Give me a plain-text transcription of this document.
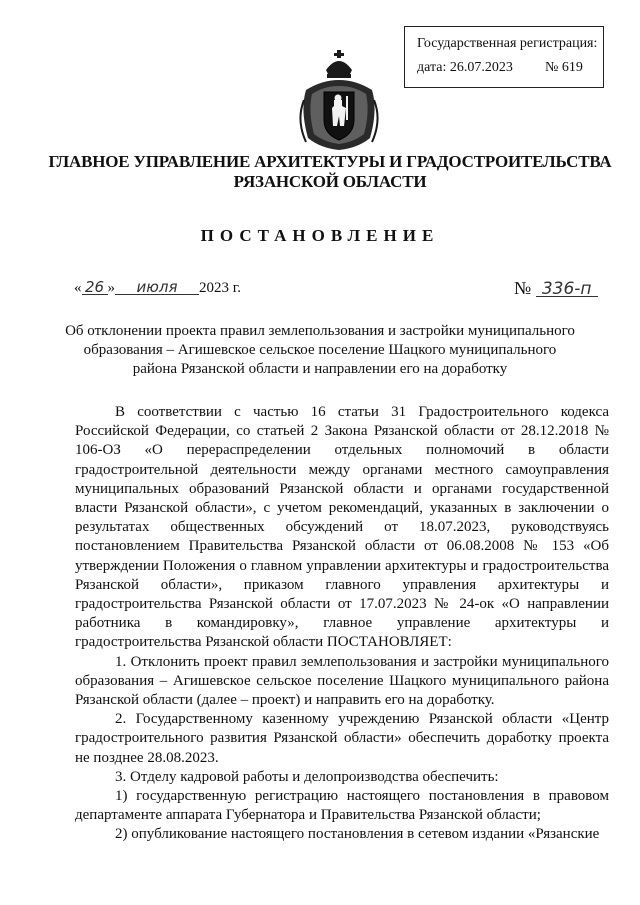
Государственная регистрация:
дата: 26.07.2023 № 619
ГЛАВНОЕ УПРАВЛЕНИЕ АРХИТЕКТУРЫ И ГРАДОСТРОИТЕЛЬСТВА РЯЗАНСКОЙ ОБЛАСТИ
ПОСТАНОВЛЕНИЕ
« 26 » июля 2023 г.	№ 336-п
Об отклонении проекта правил землепользования и застройки муниципального образования – Агишевское сельское поселение Шацкого муниципального района Рязанской области и направлении его на доработку

В соответствии с частью 16 статьи 31 Градостроительного кодекса Российской Федерации, со статьей 2 Закона Рязанской области от 28.12.2018 № 106-ОЗ «О перераспределении отдельных полномочий в области градостроительной деятельности между органами местного самоуправления муниципальных образований Рязанской области и органами государственной власти Рязанской области», с учетом рекомендаций, указанных в заключении о результатах общественных обсуждений от 18.07.2023, руководствуясь постановлением Правительства Рязанской области от 06.08.2008 № 153 «Об утверждении Положения о главном управлении архитектуры и градостроительства Рязанской области», приказом главного управления архитектуры и градостроительства Рязанской области от 17.07.2023 № 24-ок «О направлении работника в командировку», главное управление архитектуры и градостроительства Рязанской области ПОСТАНОВЛЯЕТ:

1. Отклонить проект правил землепользования и застройки муниципального образования – Агишевское сельское поселение Шацкого муниципального района Рязанской области (далее – проект) и направить его на доработку.

2. Государственному казенному учреждению Рязанской области «Центр градостроительного развития Рязанской области» обеспечить доработку проекта не позднее 28.08.2023.

3. Отделу кадровой работы и делопроизводства обеспечить:

1) государственную регистрацию настоящего постановления в правовом департаменте аппарата Губернатора и Правительства Рязанской области;

2) опубликование настоящего постановления в сетевом издании «Рязанские
